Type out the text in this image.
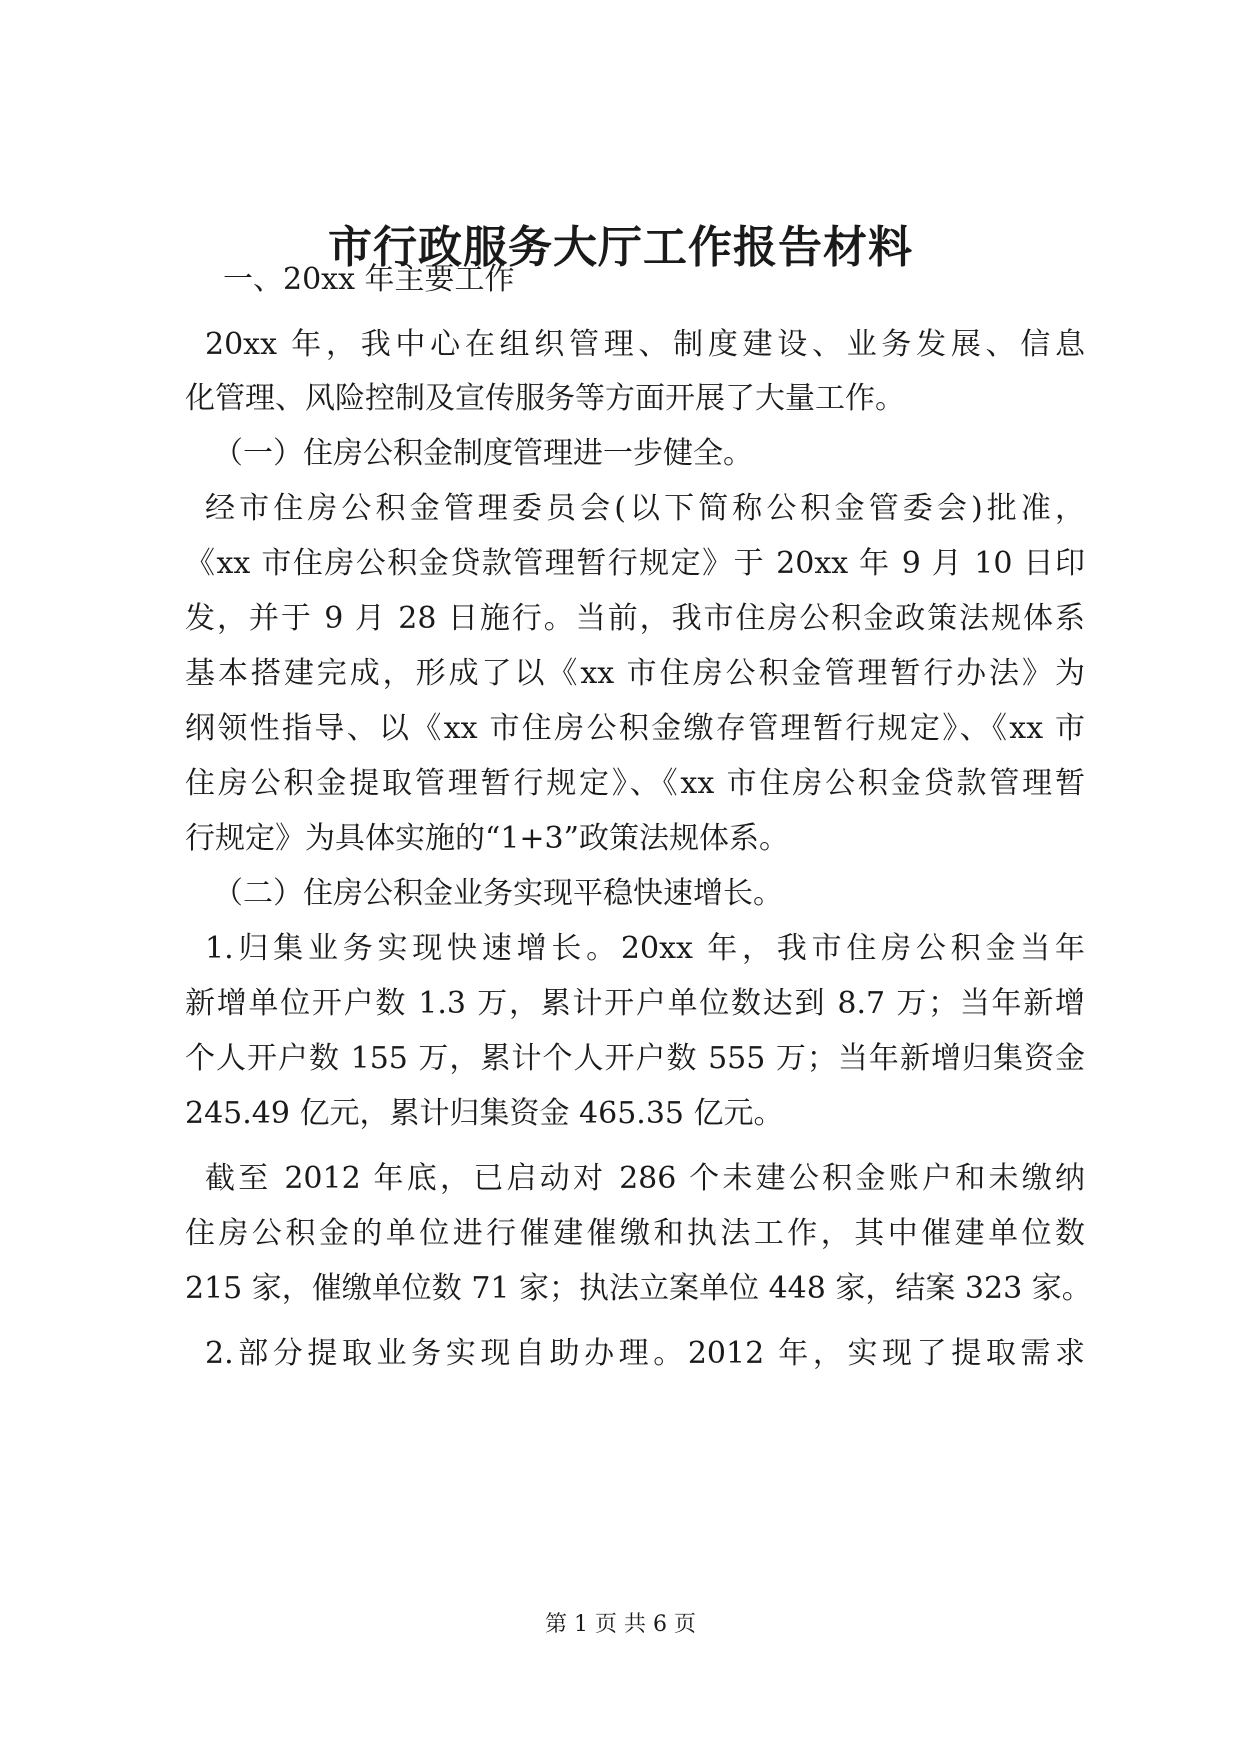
市行政服务大厅工作报告材料
一、20xx 年主要工作
20xx 年，我中心在组织管理、制度建设、业务发展、信息
化管理、风险控制及宣传服务等方面开展了大量工作。
（一）住房公积金制度管理进一步健全。
经市住房公积金管理委员会(以下简称公积金管委会)批准，
《xx 市住房公积金贷款管理暂行规定》于 20xx 年 9 月 10 日印
发，并于 9 月 28 日施行。当前，我市住房公积金政策法规体系
基本搭建完成，形成了以《xx 市住房公积金管理暂行办法》为
纲领性指导、以《xx 市住房公积金缴存管理暂行规定》、《xx 市
住房公积金提取管理暂行规定》、《xx 市住房公积金贷款管理暂
行规定》为具体实施的“1+3”政策法规体系。
（二）住房公积金业务实现平稳快速增长。
1.归集业务实现快速增长。20xx 年，我市住房公积金当年
新增单位开户数 1.3 万，累计开户单位数达到 8.7 万；当年新增
个人开户数 155 万，累计个人开户数 555 万；当年新增归集资金
245.49 亿元，累计归集资金 465.35 亿元。
截至 2012 年底，已启动对 286 个未建公积金账户和未缴纳
住房公积金的单位进行催建催缴和执法工作，其中催建单位数
215 家，催缴单位数 71 家；执法立案单位 448 家，结案 323 家。
2.部分提取业务实现自助办理。2012 年，实现了提取需求
第 1 页 共 6 页
